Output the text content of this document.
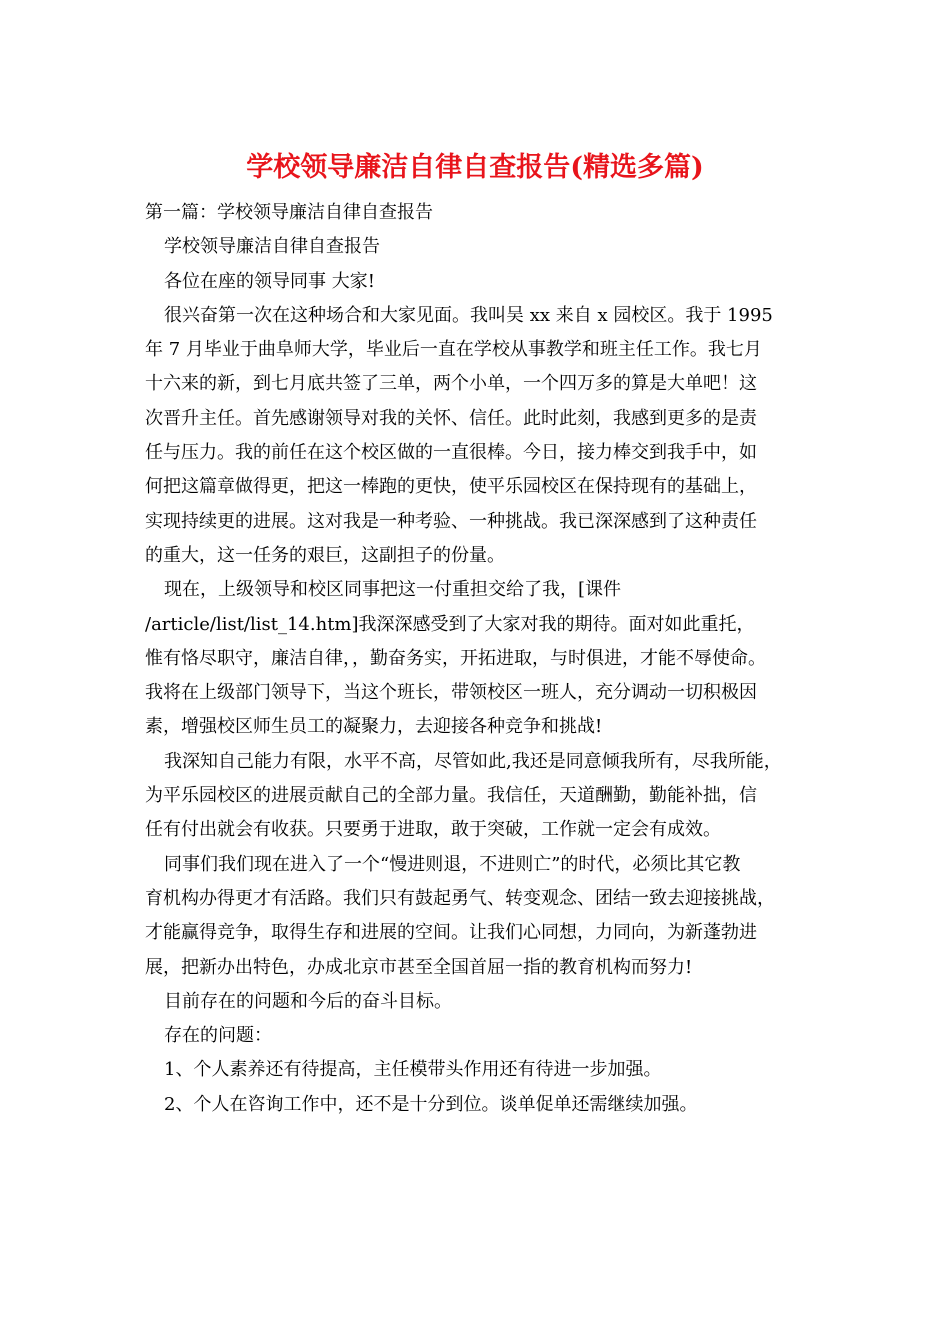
学校领导廉洁自律自查报告(精选多篇)
第一篇：学校领导廉洁自律自查报告
学校领导廉洁自律自查报告
各位在座的领导同事 大家!
很兴奋第一次在这种场合和大家见面。我叫吴 xx 来自 x 园校区。我于 1995
年 7 月毕业于曲阜师大学，毕业后一直在学校从事教学和班主任工作。我七月
十六来的新，到七月底共签了三单，两个小单，一个四万多的算是大单吧！这
次晋升主任。首先感谢领导对我的关怀、信任。此时此刻，我感到更多的是责
任与压力。我的前任在这个校区做的一直很棒。今日，接力棒交到我手中，如
何把这篇章做得更，把这一棒跑的更快，使平乐园校区在保持现有的基础上，
实现持续更的进展。这对我是一种考验、一种挑战。我已深深感到了这种责任
的重大，这一任务的艰巨，这副担子的份量。
现在，上级领导和校区同事把这一付重担交给了我，[课件
/article/list/list_14.htm]我深深感受到了大家对我的期待。面对如此重托，
惟有恪尽职守，廉洁自律，，勤奋务实，开拓进取，与时俱进，才能不辱使命。
我将在上级部门领导下，当这个班长，带领校区一班人，充分调动一切积极因
素，增强校区师生员工的凝聚力，去迎接各种竞争和挑战!
我深知自己能力有限，水平不高，尽管如此,我还是同意倾我所有，尽我所能，
为平乐园校区的进展贡献自己的全部力量。我信任，天道酬勤，勤能补拙，信
任有付出就会有收获。只要勇于进取，敢于突破，工作就一定会有成效。
同事们我们现在进入了一个“慢进则退，不进则亡”的时代，必须比其它教
育机构办得更才有活路。我们只有鼓起勇气、转变观念、团结一致去迎接挑战，
才能赢得竞争，取得生存和进展的空间。让我们心同想，力同向，为新蓬勃进
展，把新办出特色，办成北京市甚至全国首屈一指的教育机构而努力!
目前存在的问题和今后的奋斗目标。
存在的问题：
1、个人素养还有待提高，主任模带头作用还有待进一步加强。
2、个人在咨询工作中，还不是十分到位。谈单促单还需继续加强。
